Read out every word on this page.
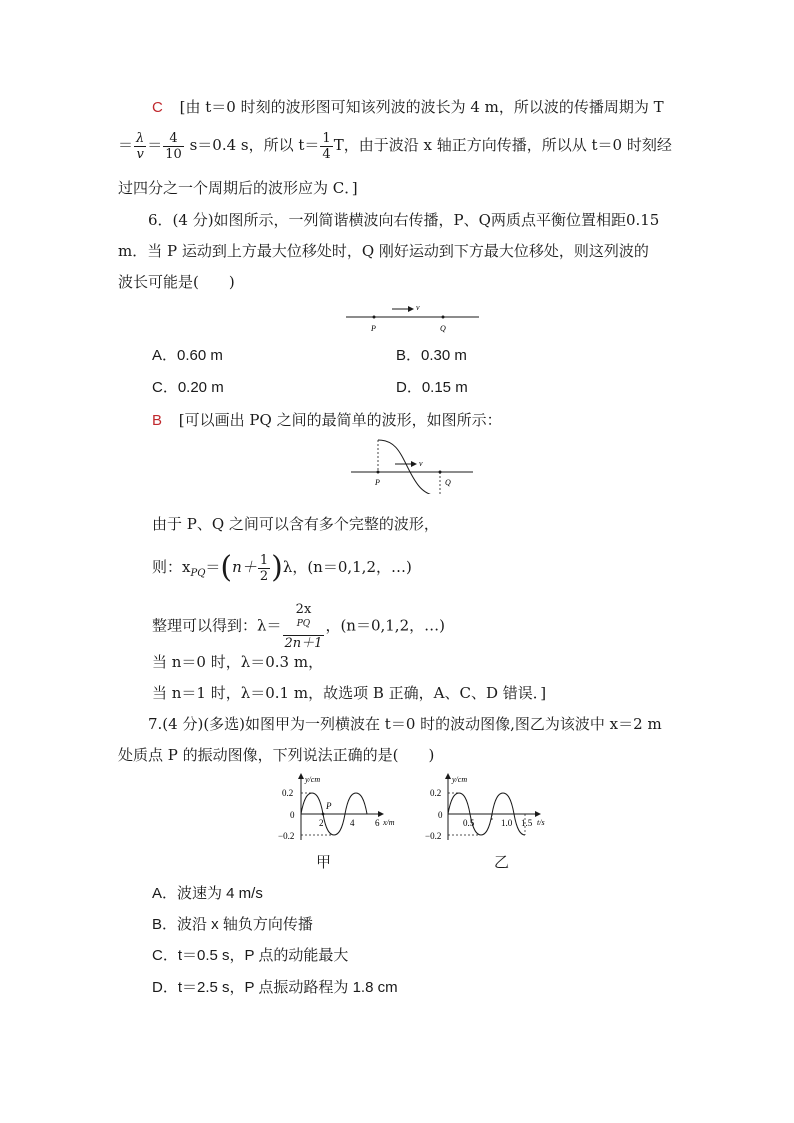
C [由 t＝0 时刻的波形图可知该列波的波长为 4 m，所以波的传播周期为 T
＝ $\frac{\lambda}{v} = \frac{4}{10} s=0.4$ s，所以 $t= \frac{1}{4}$ T，由于波沿 x 轴正方向传播，所以从 t＝0 时刻经
过四分之一个周期后的波形应为 C．]
6．(4 分)如图所示，一列简谐横波向右传播，P、Q两质点平衡位置相距0.15
m．当 P 运动到上方最大位移处时，Q 刚好运动到下方最大位移处，则这列波的
波长可能是(　　)
v
P	Q
A．0.60 m	B．0.30 m
C．0.20 m	D．0.15 m
B [可以画出 PQ 之间的最简单的波形，如图所示：
v
P	Q
由于 P、Q 之间可以含有多个完整的波形，
则：$x_{PQ}=(n+ \frac{1}{2} )\lambda$，(n＝0,1,2，…)
整理可以得到：λ＝ 2x
$^{PQ}$
2n＋1 ，(n＝0,1,2，…)
当 n＝0 时，λ＝0.3 m，
当 n＝1 时，λ＝0.1 m，故选项 B 正确，A、C、D 错误．]
7.(4 分)(多选)如图甲为一列横波在 t＝0 时的波动图像,图乙为该波中 x＝2 m
处质点 P 的振动图像，下列说法正确的是(　　)
y/cm
x/m
0.2
0
−0.2
P
2	4 6
甲
y/cm
t/s
0.2
0
−0.2
0.5	1.0 1.5
乙
A．波速为 4 m/s
B．波沿 x 轴负方向传播
C．t＝0.5 s，P 点的动能最大
D．t＝2.5 s，P 点振动路程为 1.8 cm
